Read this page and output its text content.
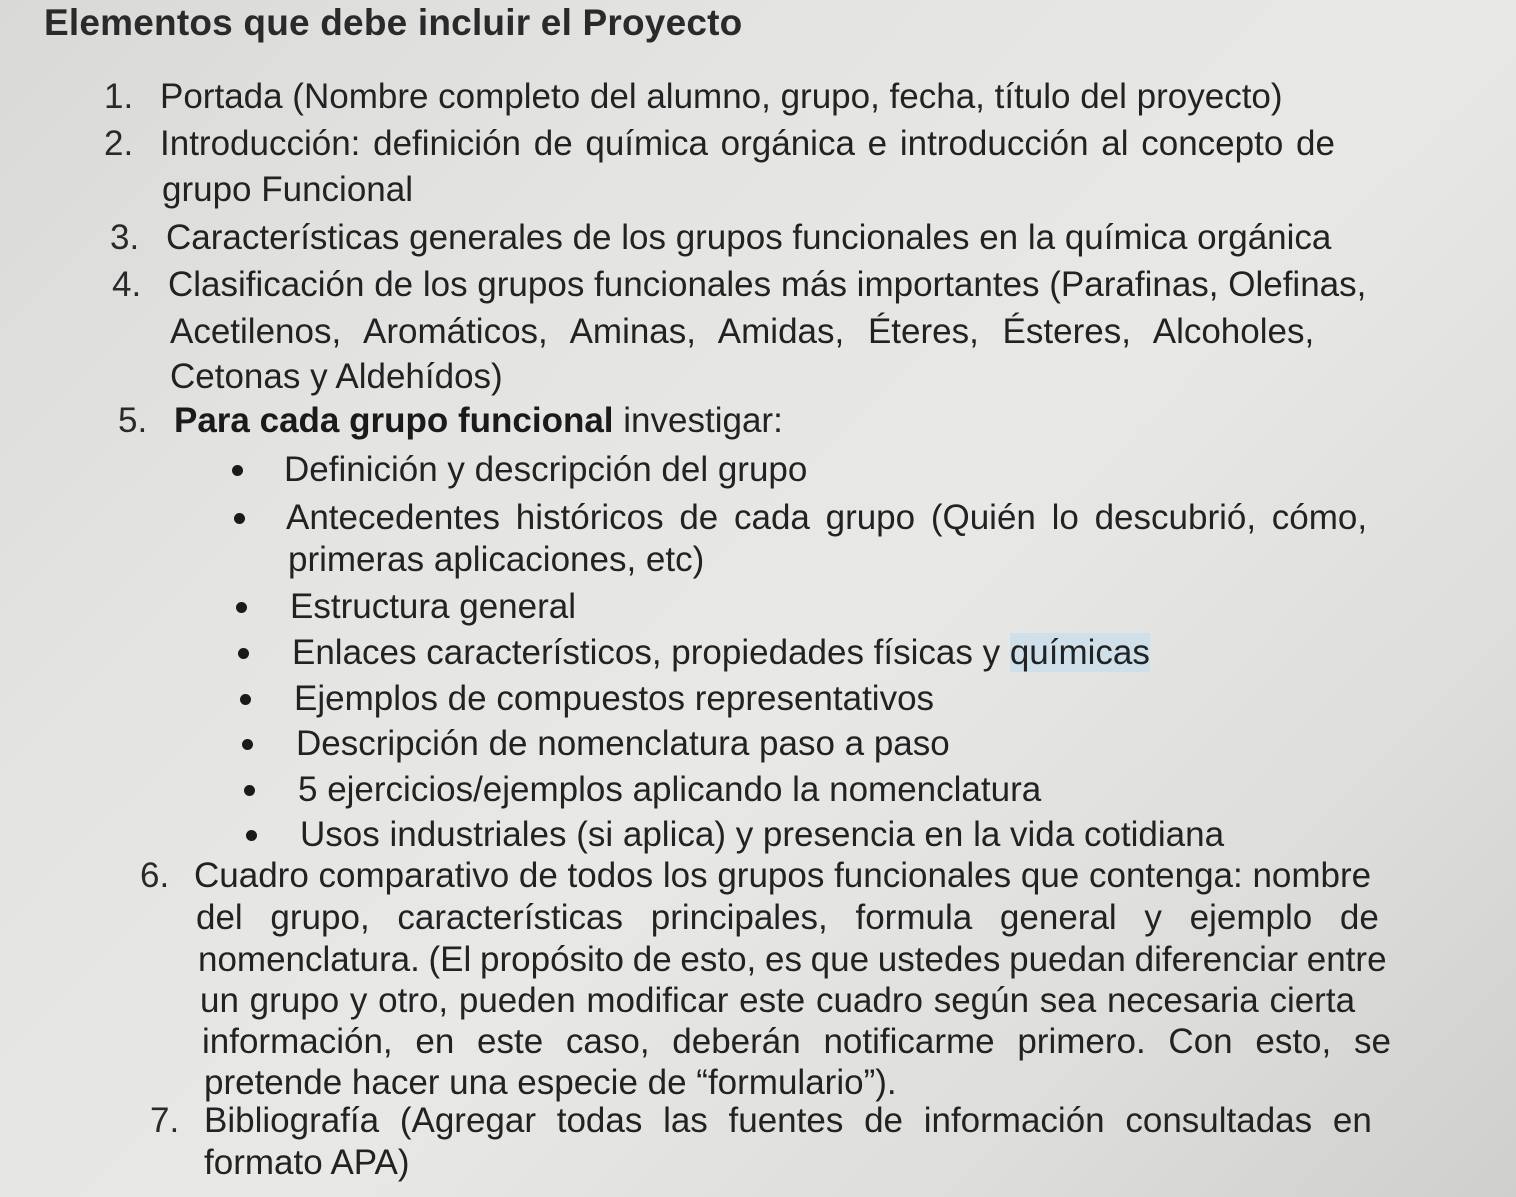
Elementos que debe incluir el Proyecto
1. Portada (Nombre completo del alumno, grupo, fecha, título del proyecto)
2. Introducción: definición de química orgánica e introducción al concepto de
grupo Funcional
3. Características generales de los grupos funcionales en la química orgánica
4. Clasificación de los grupos funcionales más importantes (Parafinas, Olefinas,
Acetilenos, Aromáticos, Aminas, Amidas, Éteres, Ésteres, Alcoholes,
Cetonas y Aldehídos)
5. Para cada grupo funcional investigar:
Definición y descripción del grupo
Antecedentes históricos de cada grupo (Quién lo descubrió, cómo,
primeras aplicaciones, etc)
Estructura general
Enlaces característicos, propiedades físicas y químicas
Ejemplos de compuestos representativos
Descripción de nomenclatura paso a paso
5 ejercicios/ejemplos aplicando la nomenclatura
Usos industriales (si aplica) y presencia en la vida cotidiana
6. Cuadro comparativo de todos los grupos funcionales que contenga: nombre
del grupo, características principales, formula general y ejemplo de
nomenclatura. (El propósito de esto, es que ustedes puedan diferenciar entre
un grupo y otro, pueden modificar este cuadro según sea necesaria cierta
información, en este caso, deberán notificarme primero. Con esto, se
pretende hacer una especie de “formulario”).
7. Bibliografía (Agregar todas las fuentes de información consultadas en
formato APA)
